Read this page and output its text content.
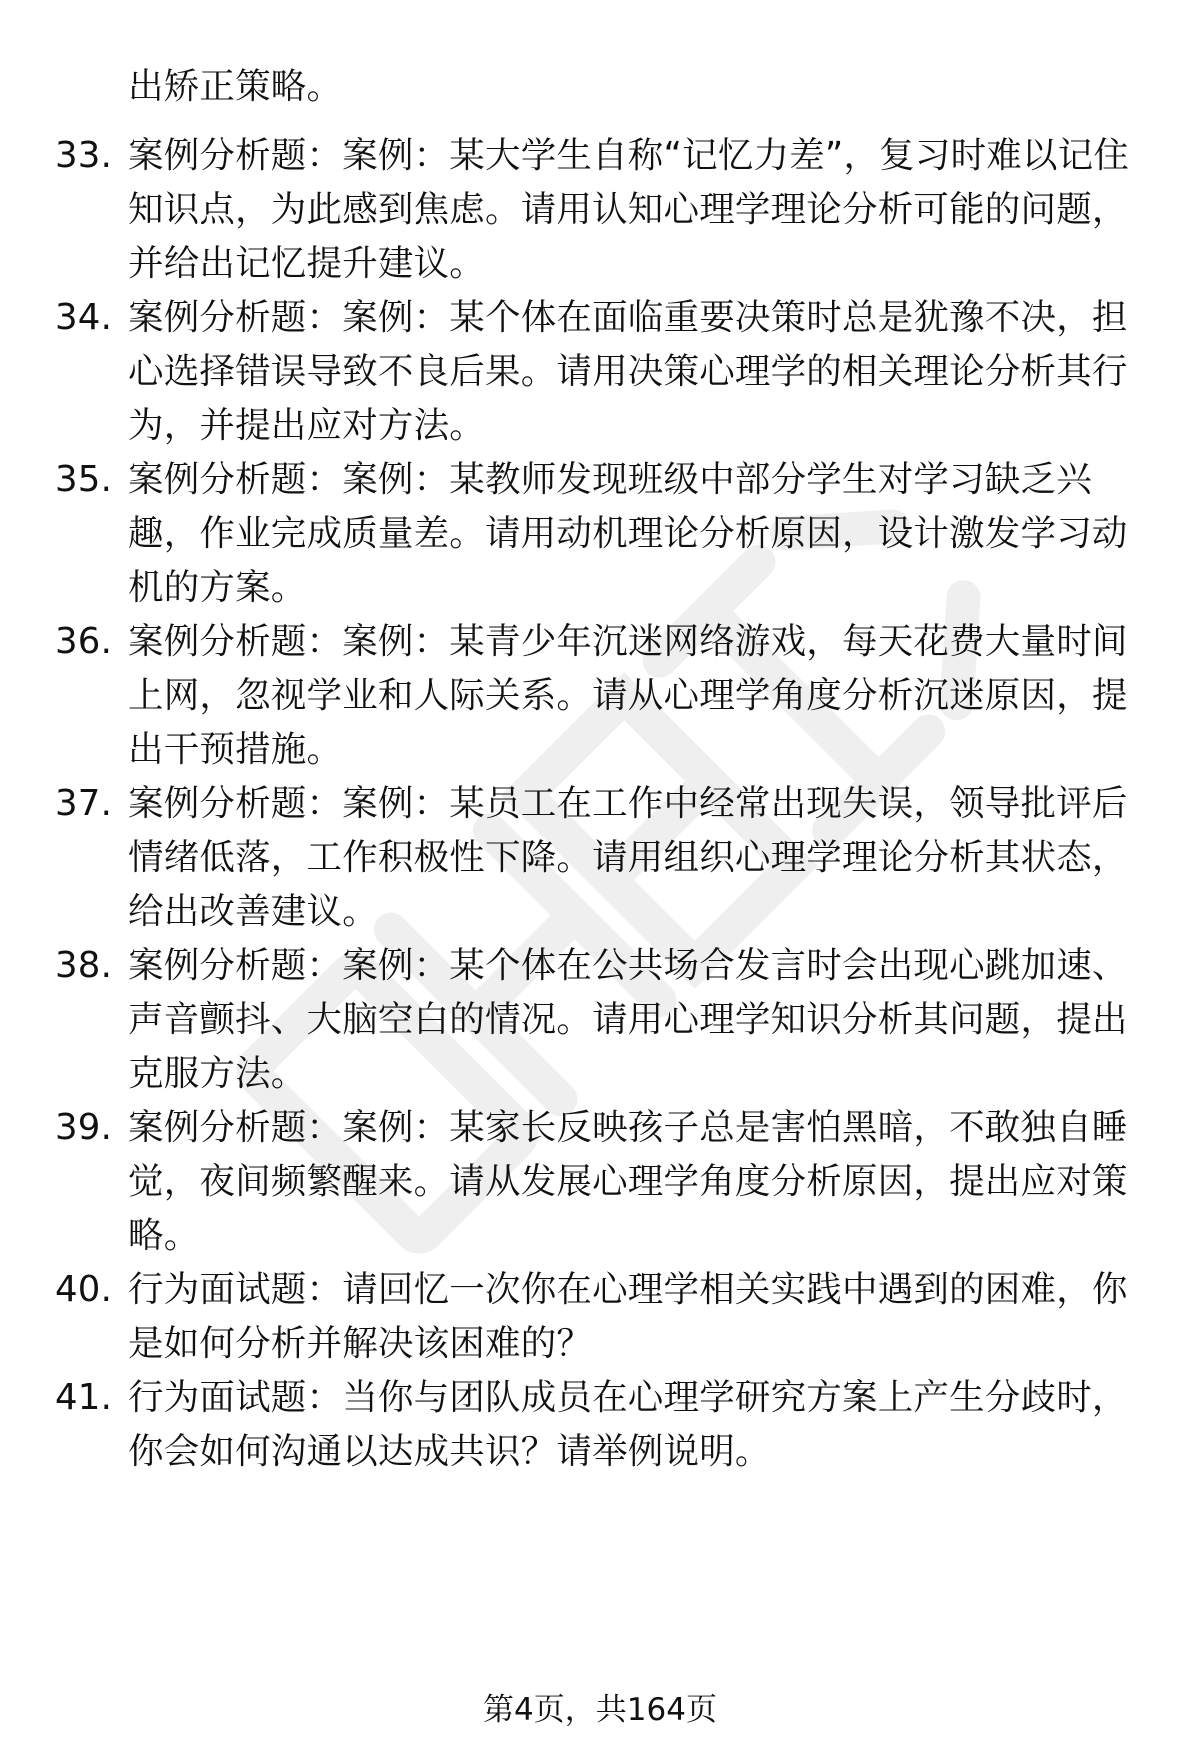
出矫正策略。
33. 案例分析题：案例：某大学生自称“记忆力差”，复习时难以记住知识点，为此感到焦虑。请用认知心理学理论分析可能的问题，并给出记忆提升建议。
34. 案例分析题：案例：某个体在面临重要决策时总是犹豫不决，担心选择错误导致不良后果。请用决策心理学的相关理论分析其行为，并提出应对方法。
35. 案例分析题：案例：某教师发现班级中部分学生对学习缺乏兴趣，作业完成质量差。请用动机理论分析原因，设计激发学习动机的方案。
36. 案例分析题：案例：某青少年沉迷网络游戏，每天花费大量时间上网，忽视学业和人际关系。请从心理学角度分析沉迷原因，提出干预措施。
37. 案例分析题：案例：某员工在工作中经常出现失误，领导批评后情绪低落，工作积极性下降。请用组织心理学理论分析其状态，给出改善建议。
38. 案例分析题：案例：某个体在公共场合发言时会出现心跳加速、声音颤抖、大脑空白的情况。请用心理学知识分析其问题，提出克服方法。
39. 案例分析题：案例：某家长反映孩子总是害怕黑暗，不敢独自睡觉，夜间频繁醒来。请从发展心理学角度分析原因，提出应对策略。
40. 行为面试题：请回忆一次你在心理学相关实践中遇到的困难，你是如何分析并解决该困难的？
41. 行为面试题：当你与团队成员在心理学研究方案上产生分歧时，你会如何沟通以达成共识？请举例说明。
第4页，共164页
